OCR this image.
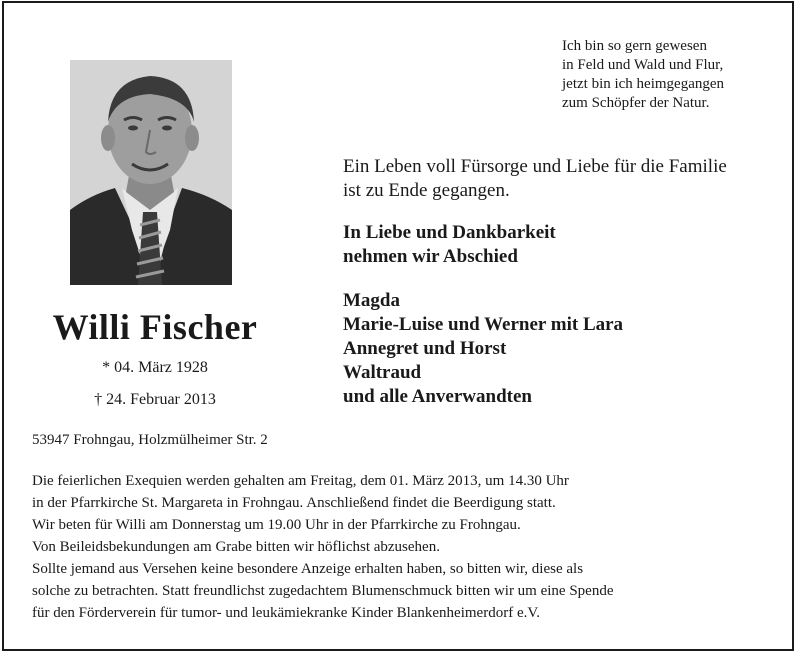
Ich bin so gern gewesen
in Feld und Wald und Flur,
jetzt bin ich heimgegangen
zum Schöpfer der Natur.
Willi Fischer
* 04. März 1928
† 24. Februar 2013
Ein Leben voll Fürsorge und Liebe für die Familie
ist zu Ende gegangen.
In Liebe und Dankbarkeit
nehmen wir Abschied
Magda
Marie-Luise und Werner mit Lara
Annegret und Horst
Waltraud
und alle Anverwandten
53947 Frohngau, Holzmülheimer Str. 2
Die feierlichen Exequien werden gehalten am Freitag, dem 01. März 2013, um 14.30 Uhr
in der Pfarrkirche St. Margareta in Frohngau. Anschließend findet die Beerdigung statt.
Wir beten für Willi am Donnerstag um 19.00 Uhr in der Pfarrkirche zu Frohngau.
Von Beileidsbekundungen am Grabe bitten wir höflichst abzusehen.
Sollte jemand aus Versehen keine besondere Anzeige erhalten haben, so bitten wir, diese als
solche zu betrachten. Statt freundlichst zugedachtem Blumenschmuck bitten wir um eine Spende
für den Förderverein für tumor- und leukämiekranke Kinder Blankenheimerdorf e.V.
